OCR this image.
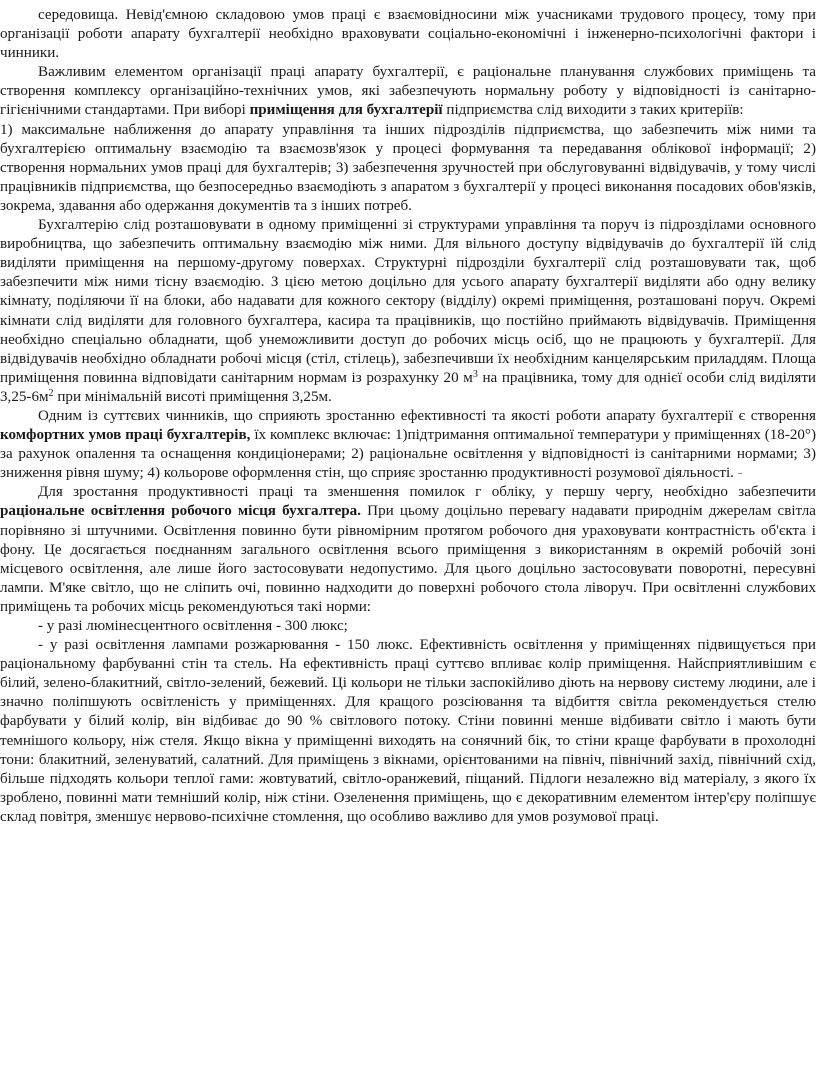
середовища. Невід'ємною складовою умов праці є взаємовідносини між учасниками трудового процесу, тому при організації роботи апарату бухгалтерії необхідно враховувати соціально-економічні і інженерно-психологічні фактори і чинники.

Важливим елементом організації праці апарату бухгалтерії, є раціональне планування службових приміщень та створення комплексу організаційно-технічних умов, які забезпечують нормальну роботу у відповідності із санітарно-гігієнічними стандартами. При виборі приміщення для бухгалтерії підприємства слід виходити з таких критеріїв:

1) максимальне наближення до апарату управління та інших підрозділів підприємства, що забезпечить між ними та бухгалтерією оптимальну взаємодію та взаємозв'язок у процесі формування та передавання облікової інформації; 2) створення нормальних умов праці для бухгалтерів; 3) забезпечення зручностей при обслуговуванні відвідувачів, у тому числі працівників підприємства, що безпосередньо взаємодіють з апаратом з бухгалтерії у процесі виконання посадових обов'язків, зокрема, здавання або одержання документів та з інших потреб.

Бухгалтерію слід розташовувати в одному приміщенні зі структурами управління та поруч із підрозділами основного виробництва, що забезпечить оптимальну взаємодію між ними. Для вільного доступу відвідувачів до бухгалтерії їй слід виділяти приміщення на першому-другому поверхах. Структурні підрозділи бухгалтерії слід розташовувати так, щоб забезпечити між ними тісну взаємодію. З цією метою доцільно для усього апарату бухгалтерії виділяти або одну велику кімнату, поділяючи її на блоки, або надавати для кожного сектору (відділу) окремі приміщення, розташовані поруч. Окремі кімнати слід виділяти для головного бухгалтера, касира та працівників, що постійно приймають відвідувачів. Приміщення необхідно спеціально обладнати, щоб унеможливити доступ до робочих місць осіб, що не працюють у бухгалтерії. Для відвідувачів необхідно обладнати робочі місця (стіл, стілець), забезпечивши їх необхідним канцелярським приладдям. Площа приміщення повинна відповідати санітарним нормам із розрахунку 20 $м^3$ на працівника, тому для однієї особи слід виділяти $3,25-6м^2$ при мінімальній висоті приміщення 3,25м.

Одним із суттєвих чинників, що сприяють зростанню ефективності та якості роботи апарату бухгалтерії є створення комфортних умов праці бухгалтерів, їх комплекс включає: 1)підтримання оптимальної температури у приміщеннях (18-20°) за рахунок опалення та оснащення кондиціонерами; 2) раціональне освітлення у відповідності із санітарними нормами; 3) зниження рівня шуму; 4) кольорове оформлення стін, що сприяє зростанню продуктивності розумової діяльності. -

Для зростання продуктивності праці та зменшення помилок г обліку, у першу чергу, необхідно забезпечити раціональне освітлення робочого місця бухгалтера. При цьому доцільно перевагу надавати природнім джерелам світла порівняно зі штучними. Освітлення повинно бути рівномірним протягом робочого дня ураховувати контрастність об'єкта і фону. Це досягається поєднанням загального освітлення всього приміщення з використанням в окремій робочій зоні місцевого освітлення, але лише його застосовувати недопустимо. Для цього доцільно застосовувати поворотні, пересувні лампи. М'яке світло, що не сліпить очі, повинно надходити до поверхні робочого стола ліворуч. При освітленні службових приміщень та робочих місць рекомендуються такі норми:

- у разі люмінесцентного освітлення - 300 люкс;

- у разі освітлення лампами розжарювання - 150 люкс. Ефективність освітлення у приміщеннях підвищується при раціональному фарбуванні стін та стель. На ефективність праці суттєво впливає колір приміщення. Найсприятливішим є білий, зелено-блакитний, світло-зелений, бежевий. Ці кольори не тільки заспокійливо діють на нервову систему людини, але і значно поліпшують освітленість у приміщеннях. Для кращого розсіювання та відбиття світла рекомендується стелю фарбувати у білий колір, він відбиває до 90 % світлового потоку. Стіни повинні менше відбивати світло і мають бути темнішого кольору, ніж стеля. Якщо вікна у приміщенні виходять на сонячний бік, то стіни краще фарбувати в прохолодні тони: блакитний, зеленуватий, салатний. Для приміщень з вікнами, орієнтованими на північ, північний захід, північний схід, більше підходять кольори теплої гами: жовтуватий, світло-оранжевий, піщаний. Підлоги незалежно від матеріалу, з якого їх зроблено, повинні мати темніший колір, ніж стіни. Озеленення приміщень, що є декоративним елементом інтер'єру поліпшує склад повітря, зменшує нервово-психічне стомлення, що особливо важливо для умов розумової праці.
